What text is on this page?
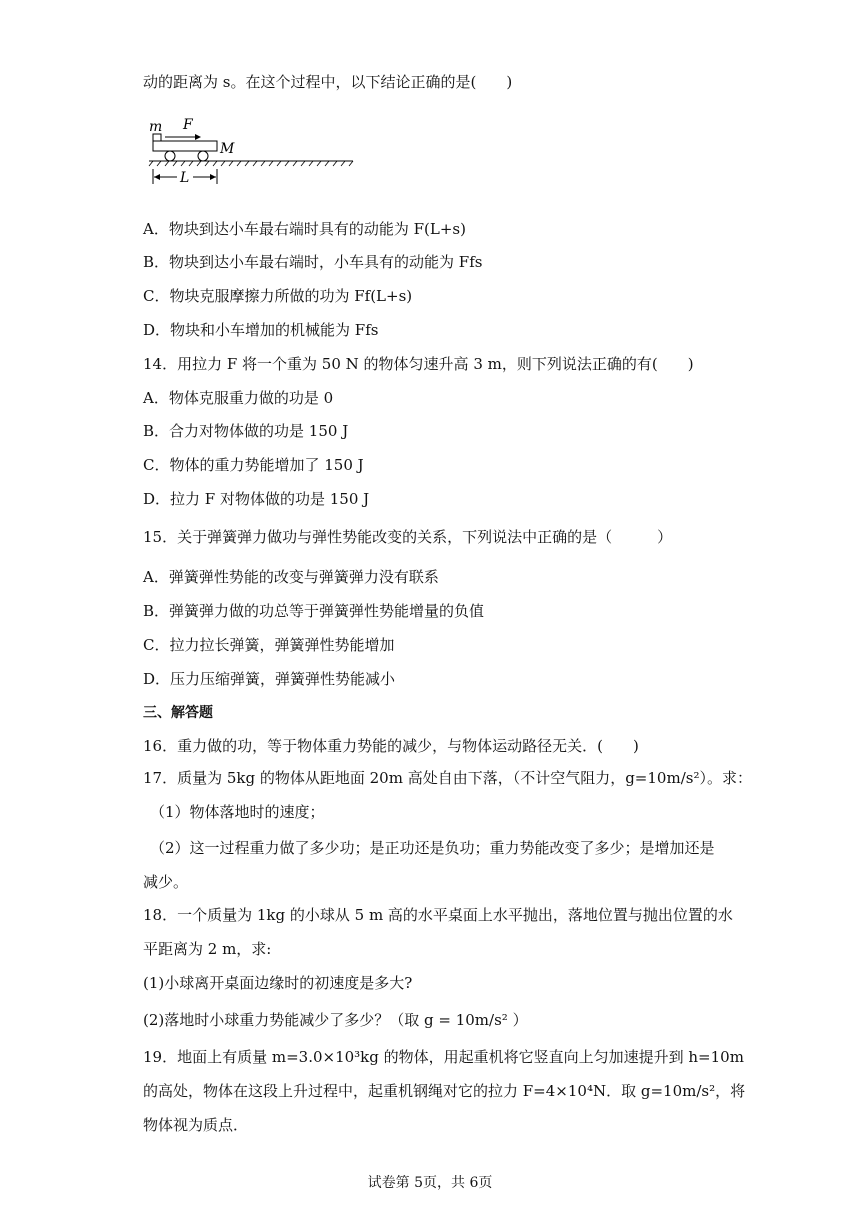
动的距离为 s。在这个过程中，以下结论正确的是(　　)
m F
M
L
A．物块到达小车最右端时具有的动能为 F(L+s)
B．物块到达小车最右端时，小车具有的动能为 Ffs
C．物块克服摩擦力所做的功为 Ff(L+s)
D．物块和小车增加的机械能为 Ffs
14．用拉力 F 将一个重为 50 N 的物体匀速升高 3 m，则下列说法正确的有(　　)
A．物体克服重力做的功是 0
B．合力对物体做的功是 150 J
C．物体的重力势能增加了 150 J
D．拉力 F 对物体做的功是 150 J
15．关于弹簧弹力做功与弹性势能改变的关系，下列说法中正确的是（　　　）
A．弹簧弹性势能的改变与弹簧弹力没有联系
B．弹簧弹力做的功总等于弹簧弹性势能增量的负值
C．拉力拉长弹簧，弹簧弹性势能增加
D．压力压缩弹簧，弹簧弹性势能减小
三、解答题
16．重力做的功，等于物体重力势能的减少，与物体运动路径无关．(　　)
17．质量为 5kg 的物体从距地面 20m 高处自由下落，（不计空气阻力，g=10m/s²）。求：
（1）物体落地时的速度；
（2）这一过程重力做了多少功；是正功还是负功；重力势能改变了多少；是增加还是
减少。
18．一个质量为 1kg 的小球从 5 m 高的水平桌面上水平抛出，落地位置与抛出位置的水
平距离为 2 m，求:
(1)小球离开桌面边缘时的初速度是多大?
(2)落地时小球重力势能减少了多少？（取 g = 10m/s² ）
19．地面上有质量 m=3.0×10³kg 的物体，用起重机将它竖直向上匀加速提升到 h=10m
的高处，物体在这段上升过程中，起重机钢绳对它的拉力 F=4×10⁴N．取 g=10m/s²，将
物体视为质点．
试卷第 5页，共 6页
